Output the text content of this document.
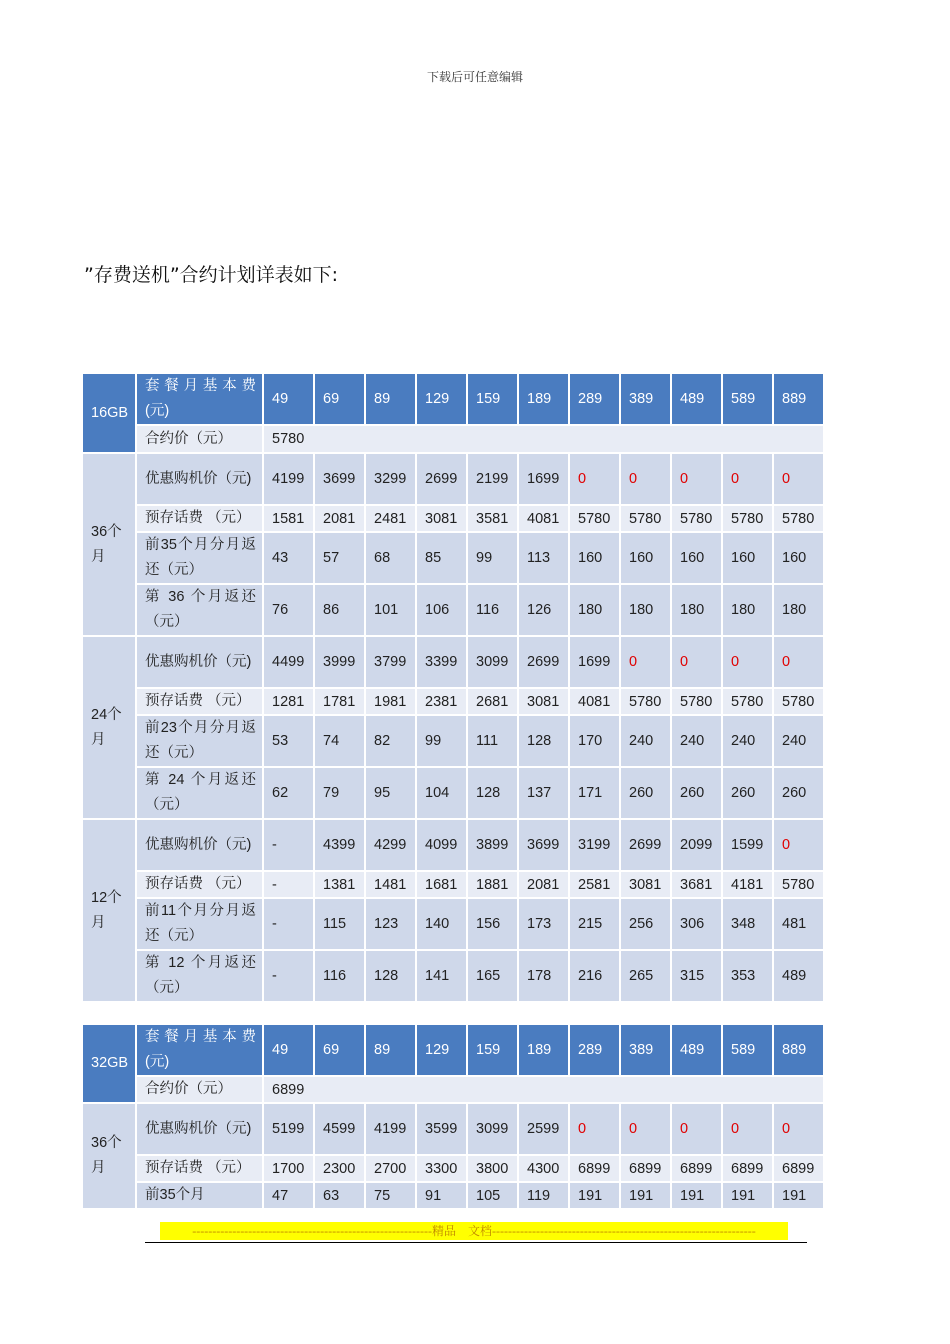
下载后可任意编辑
”存费送机”合约计划详表如下:
16GB	套餐月基本费(元)	49	69	89	129	159	189	289	389	489	589	889
	合约价（元）	5780										
36个月	优惠购机价（元)	4199	3699	3299	2699	2199	1699	0	0	0	0	0
	预存话费 （元）	1581	2081	2481	3081	3581	4081	5780	5780	5780	5780	5780
	前35个月分月返还（元）	43	57	68	85	99	113	160	160	160	160	160
	第 36 个月返还（元）	76	86	101	106	116	126	180	180	180	180	180
24个月	优惠购机价（元)	4499	3999	3799	3399	3099	2699	1699	0	0	0	0
	预存话费 （元）	1281	1781	1981	2381	2681	3081	4081	5780	5780	5780	5780
	前23个月分月返还（元）	53	74	82	99	111	128	170	240	240	240	240
	第 24 个月返还（元）	62	79	95	104	128	137	171	260	260	260	260
12个月	优惠购机价（元)	-	4399	4299	4099	3899	3699	3199	2699	2099	1599	0
	预存话费 （元）	-	1381	1481	1681	1881	2081	2581	3081	3681	4181	5780
	前11个月分月返还（元）	-	115	123	140	156	173	215	256	306	348	481
	第 12 个月返还（元）	-	116	128	141	165	178	216	265	315	353	489
32GB	套餐月基本费(元)	49	69	89	129	159	189	289	389	489	589	889
	合约价（元）	6899										
36个月	优惠购机价（元)	5199	4599	4199	3599	3099	2599	0	0	0	0	0
	预存话费 （元）	1700	2300	2700	3300	3800	4300	6899	6899	6899	6899	6899
	前35个月	47	63	75	91	105	119	191	191	191	191	191
------------------------------------------------------------精品　文档------------------------------------------------------------------
